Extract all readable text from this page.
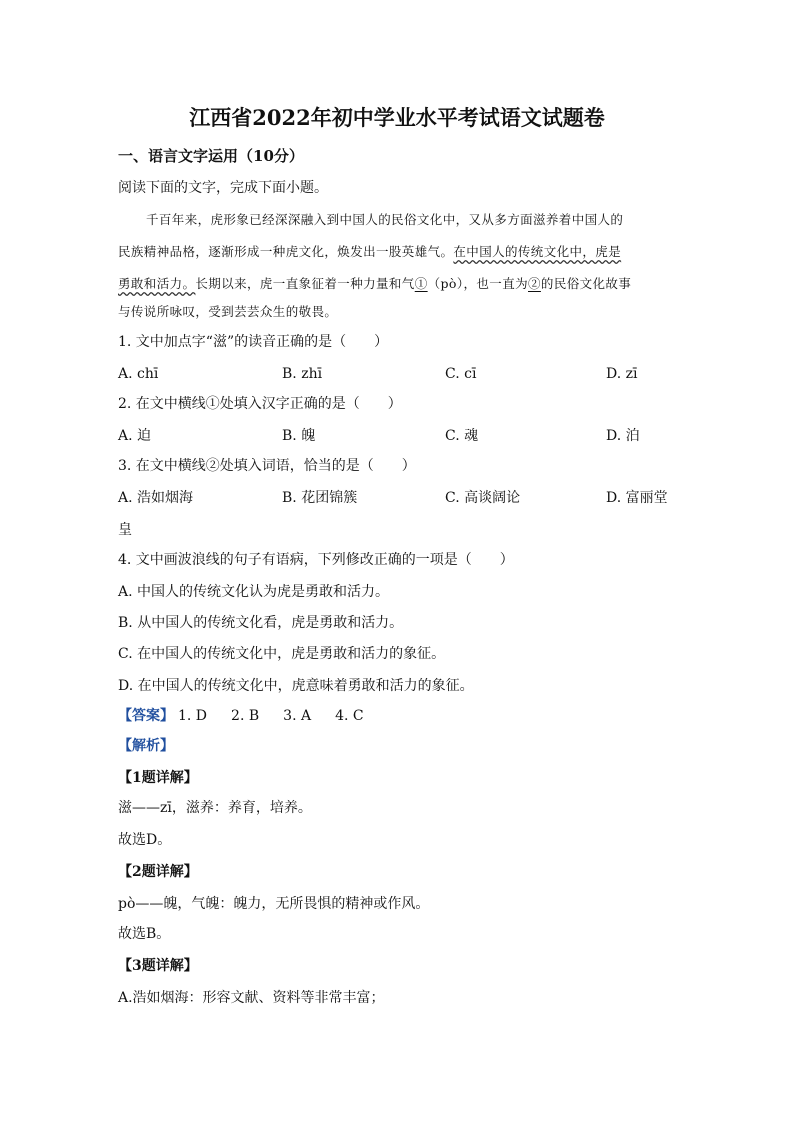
江西省2022年初中学业水平考试语文试题卷
一、语言文字运用（10分）
阅读下面的文字，完成下面小题。
千百年来，虎形象已经深深融入到中国人的民俗文化中，又从多方面滋养着中国人的
民族精神品格，逐渐形成一种虎文化，焕发出一股英雄气。在中国人的传统文化中，虎是
勇敢和活力。长期以来，虎一直象征着一种力量和气①（pò），也一直为②的民俗文化故事
与传说所咏叹，受到芸芸众生的敬畏。
1. 文中加点字“滋”的读音正确的是（　　）
A. chī	B. zhī	C. cī	D. zī
2. 在文中横线①处填入汉字正确的是（　　）
A. 迫	B. 魄	C. 魂	D. 泊
3. 在文中横线②处填入词语，恰当的是（　　）
A. 浩如烟海	B. 花团锦簇	C. 高谈阔论	D. 富丽堂
皇
4. 文中画波浪线的句子有语病，下列修改正确的一项是（　　）
A. 中国人的传统文化认为虎是勇敢和活力。
B. 从中国人的传统文化看，虎是勇敢和活力。
C. 在中国人的传统文化中，虎是勇敢和活力的象征。
D. 在中国人的传统文化中，虎意味着勇敢和活力的象征。
【答案】 1. D 2. B 3. A 4. C
【解析】
【1题详解】
滋——zī，滋养：养育，培养。
故选D。
【2题详解】
pò——魄，气魄：魄力，无所畏惧的精神或作风。
故选B。
【3题详解】
A.浩如烟海：形容文献、资料等非常丰富；
